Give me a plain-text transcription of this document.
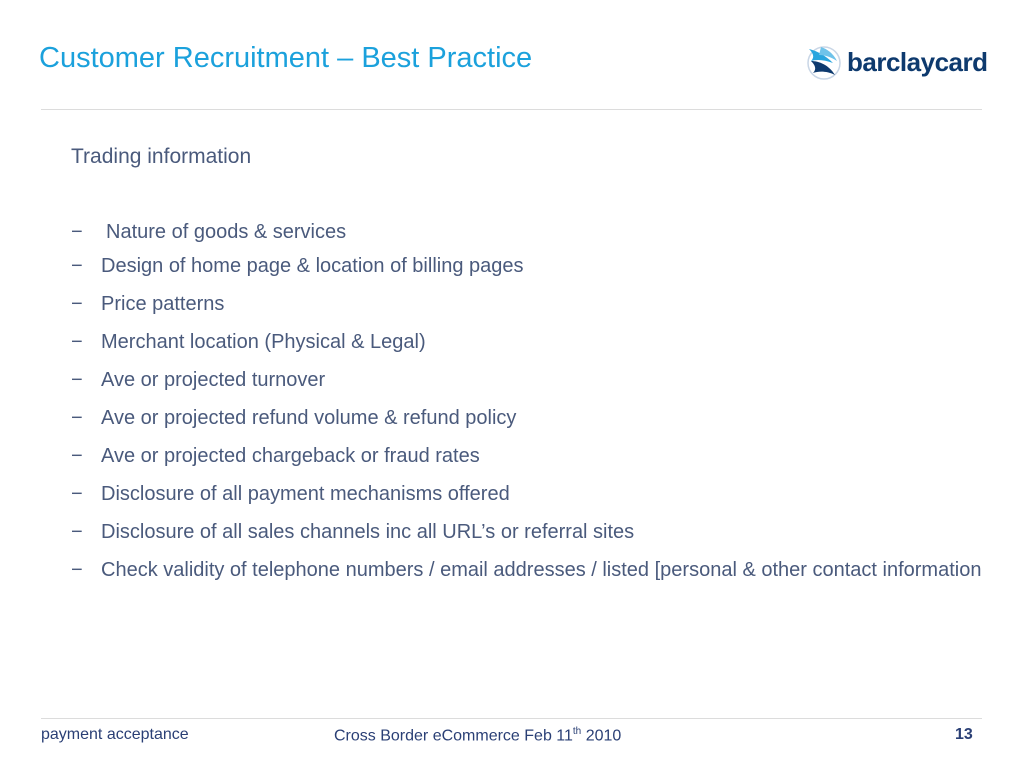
Customer Recruitment – Best Practice	barclaycard
Trading information
− Nature of goods & services
− Design of home page & location of billing pages
− Price patterns
− Merchant location (Physical & Legal)
− Ave or projected turnover
− Ave or projected refund volume & refund policy
− Ave or projected chargeback or fraud rates
− Disclosure of all payment mechanisms offered
− Disclosure of all sales channels inc all URL’s or referral sites
− Check validity of telephone numbers / email addresses / listed [personal & other contact information
payment acceptance	Cross Border eCommerce Feb 11th 2010	13
